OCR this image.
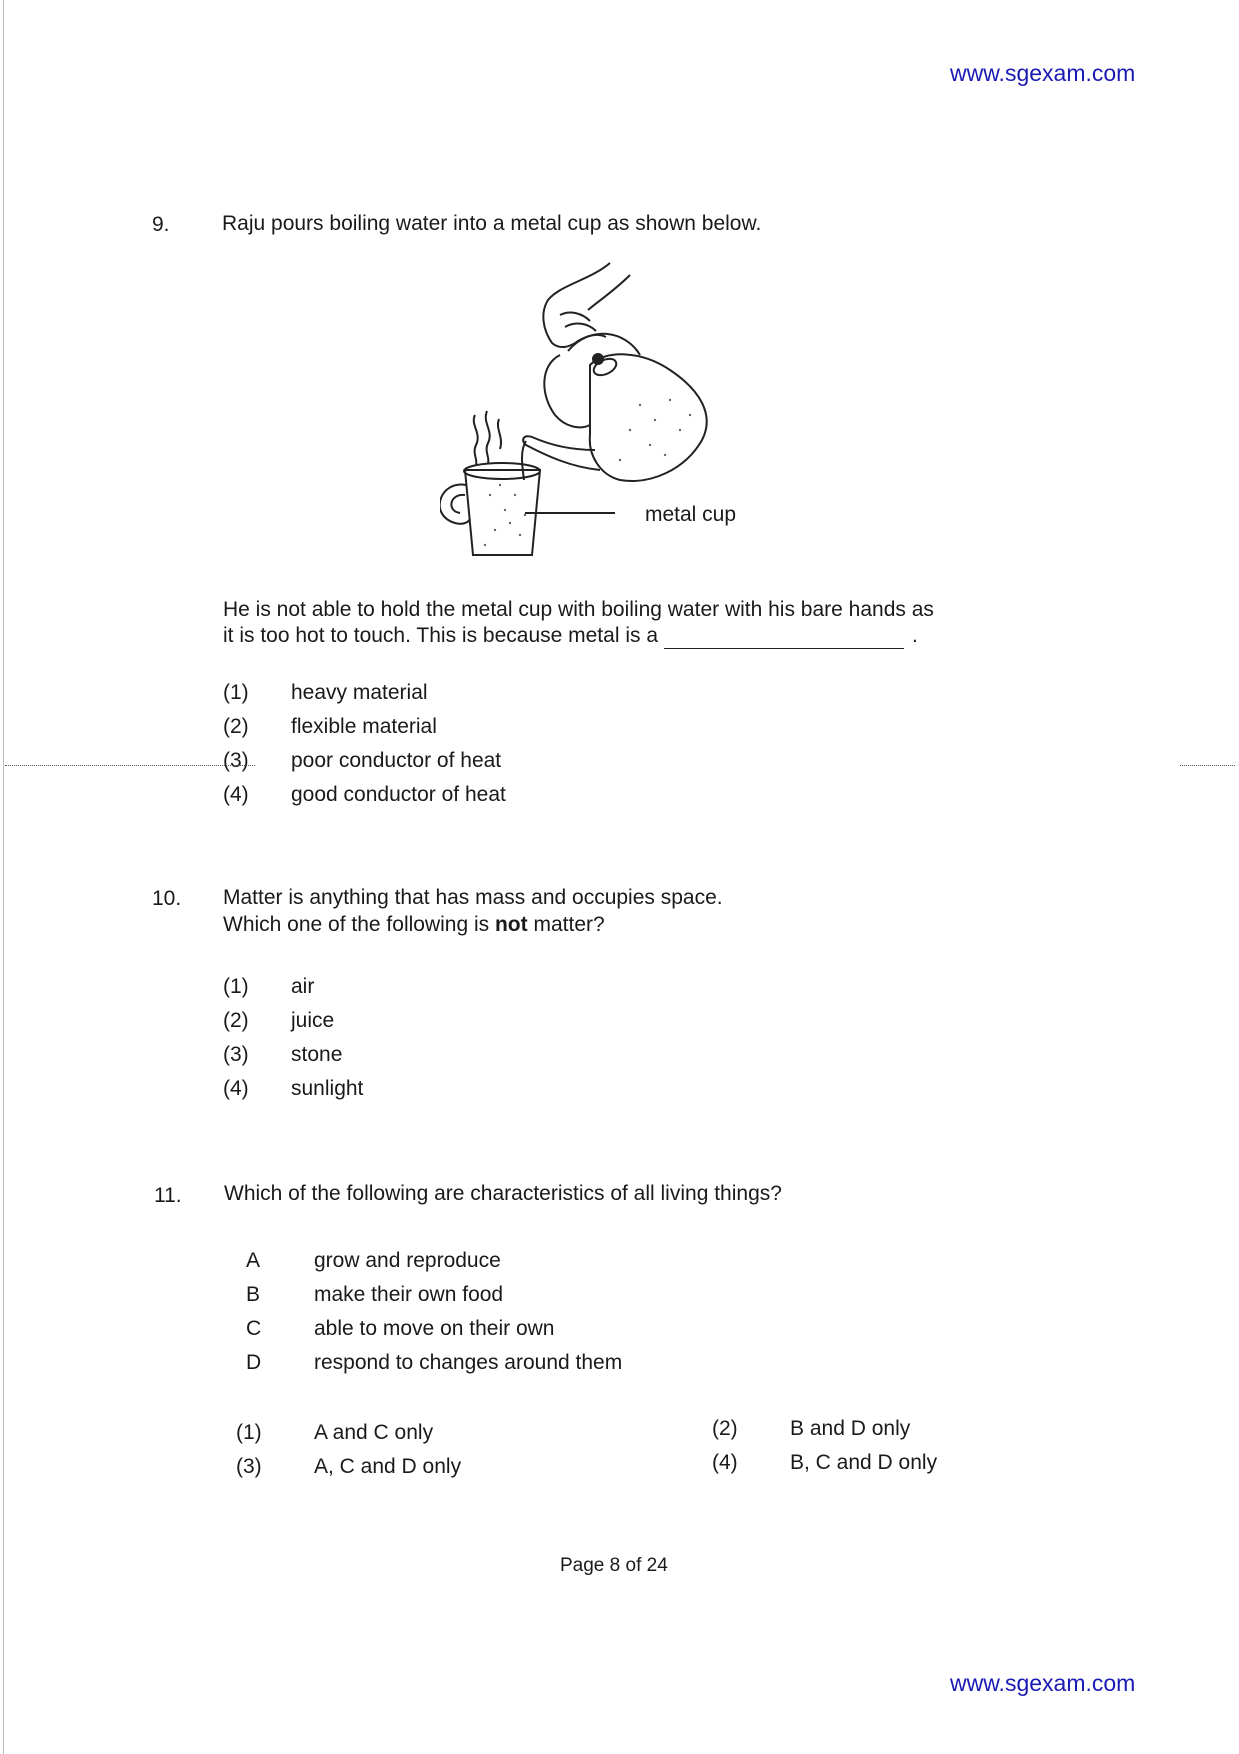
www.sgexam.com
9. Raju pours boiling water into a metal cup as shown below.
metal cup
He is not able to hold the metal cup with boiling water with his bare hands as
it is too hot to touch. This is because metal is a	.
(1) heavy material
(2) flexible material
(3) poor conductor of heat
(4) good conductor of heat
10. Matter is anything that has mass and occupies space.
Which one of the following is not matter?
(1) air
(2) juice
(3) stone
(4) sunlight
11. Which of the following are characteristics of all living things?
A	grow and reproduce
B	make their own food
C	able to move on their own
D	respond to changes around them
(1) A and C only	(2) B and D only
(3) A, C and D only	(4) B, C and D only
Page 8 of 24
www.sgexam.com
